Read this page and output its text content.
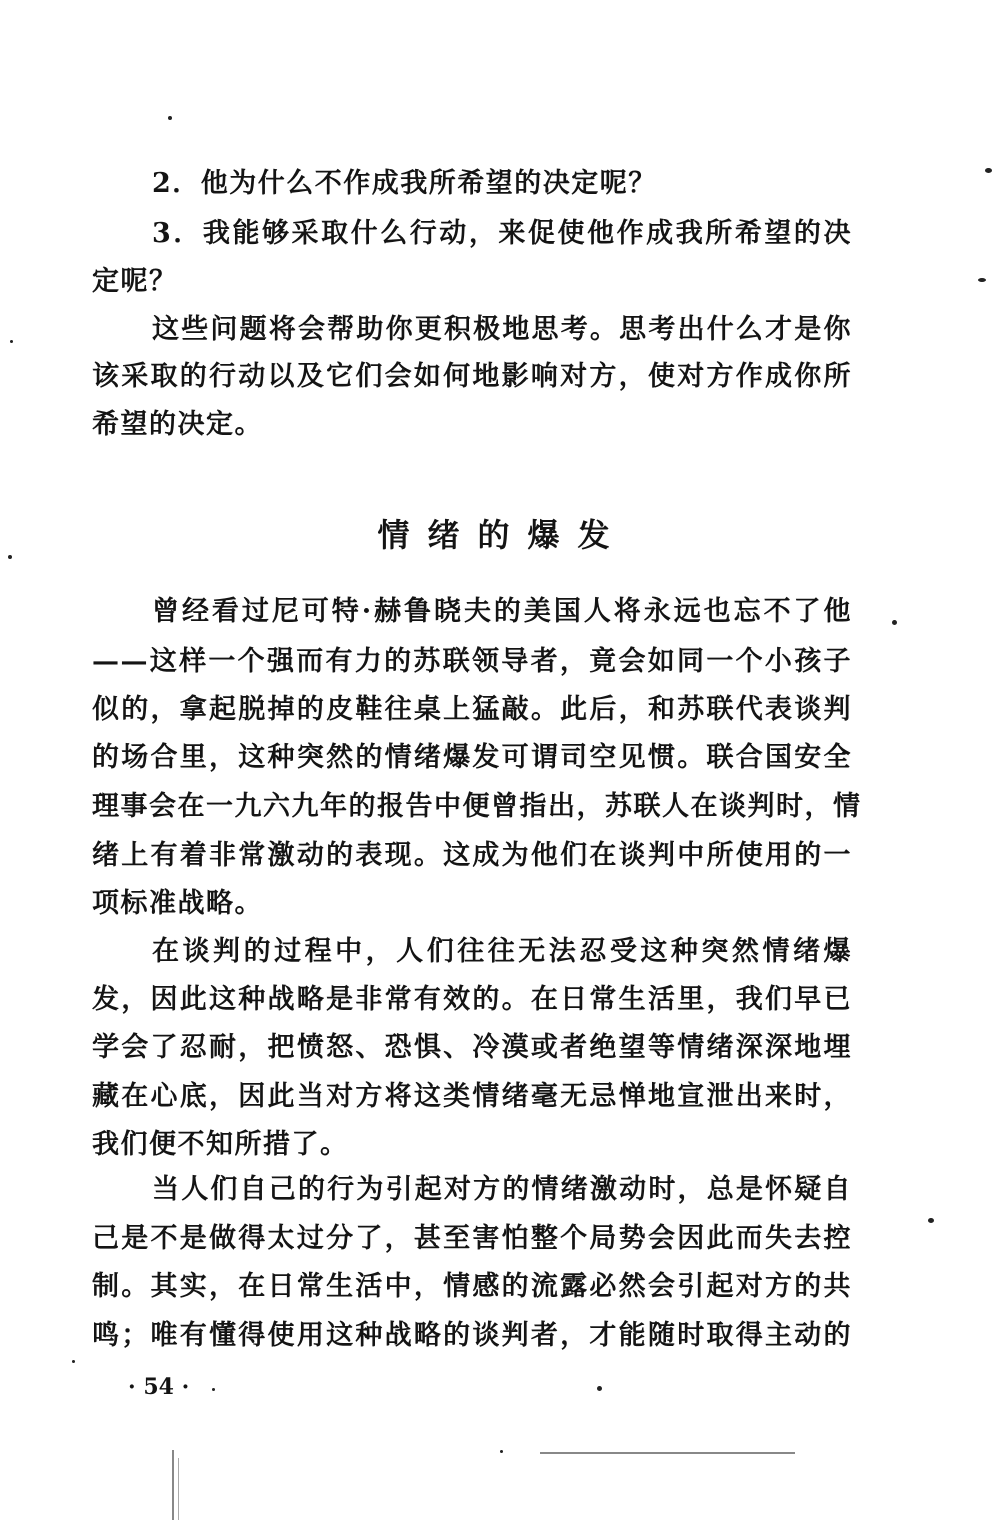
2．他为什么不作成我所希望的决定呢？
3．我能够采取什么行动，来促使他作成我所希望的决
定呢？
这些问题将会帮助你更积极地思考。思考出什么才是你
该采取的行动以及它们会如何地影响对方，使对方作成你所
希望的决定。
情绪的爆发
曾经看过尼可特·赫鲁晓夫的美国人将永远也忘不了他
——这样一个强而有力的苏联领导者，竟会如同一个小孩子
似的，拿起脱掉的皮鞋往桌上猛敲。此后，和苏联代表谈判
的场合里，这种突然的情绪爆发可谓司空见惯。联合国安全
理事会在一九六九年的报告中便曾指出，苏联人在谈判时，情
绪上有着非常激动的表现。这成为他们在谈判中所使用的一
项标准战略。
在谈判的过程中，人们往往无法忍受这种突然情绪爆
发，因此这种战略是非常有效的。在日常生活里，我们早已
学会了忍耐，把愤怒、恐惧、冷漠或者绝望等情绪深深地埋
藏在心底，因此当对方将这类情绪毫无忌惮地宣泄出来时，
我们便不知所措了。
当人们自己的行为引起对方的情绪激动时，总是怀疑自
己是不是做得太过分了，甚至害怕整个局势会因此而失去控
制。其实，在日常生活中，情感的流露必然会引起对方的共
鸣；唯有懂得使用这种战略的谈判者，才能随时取得主动的
· 54 ·
